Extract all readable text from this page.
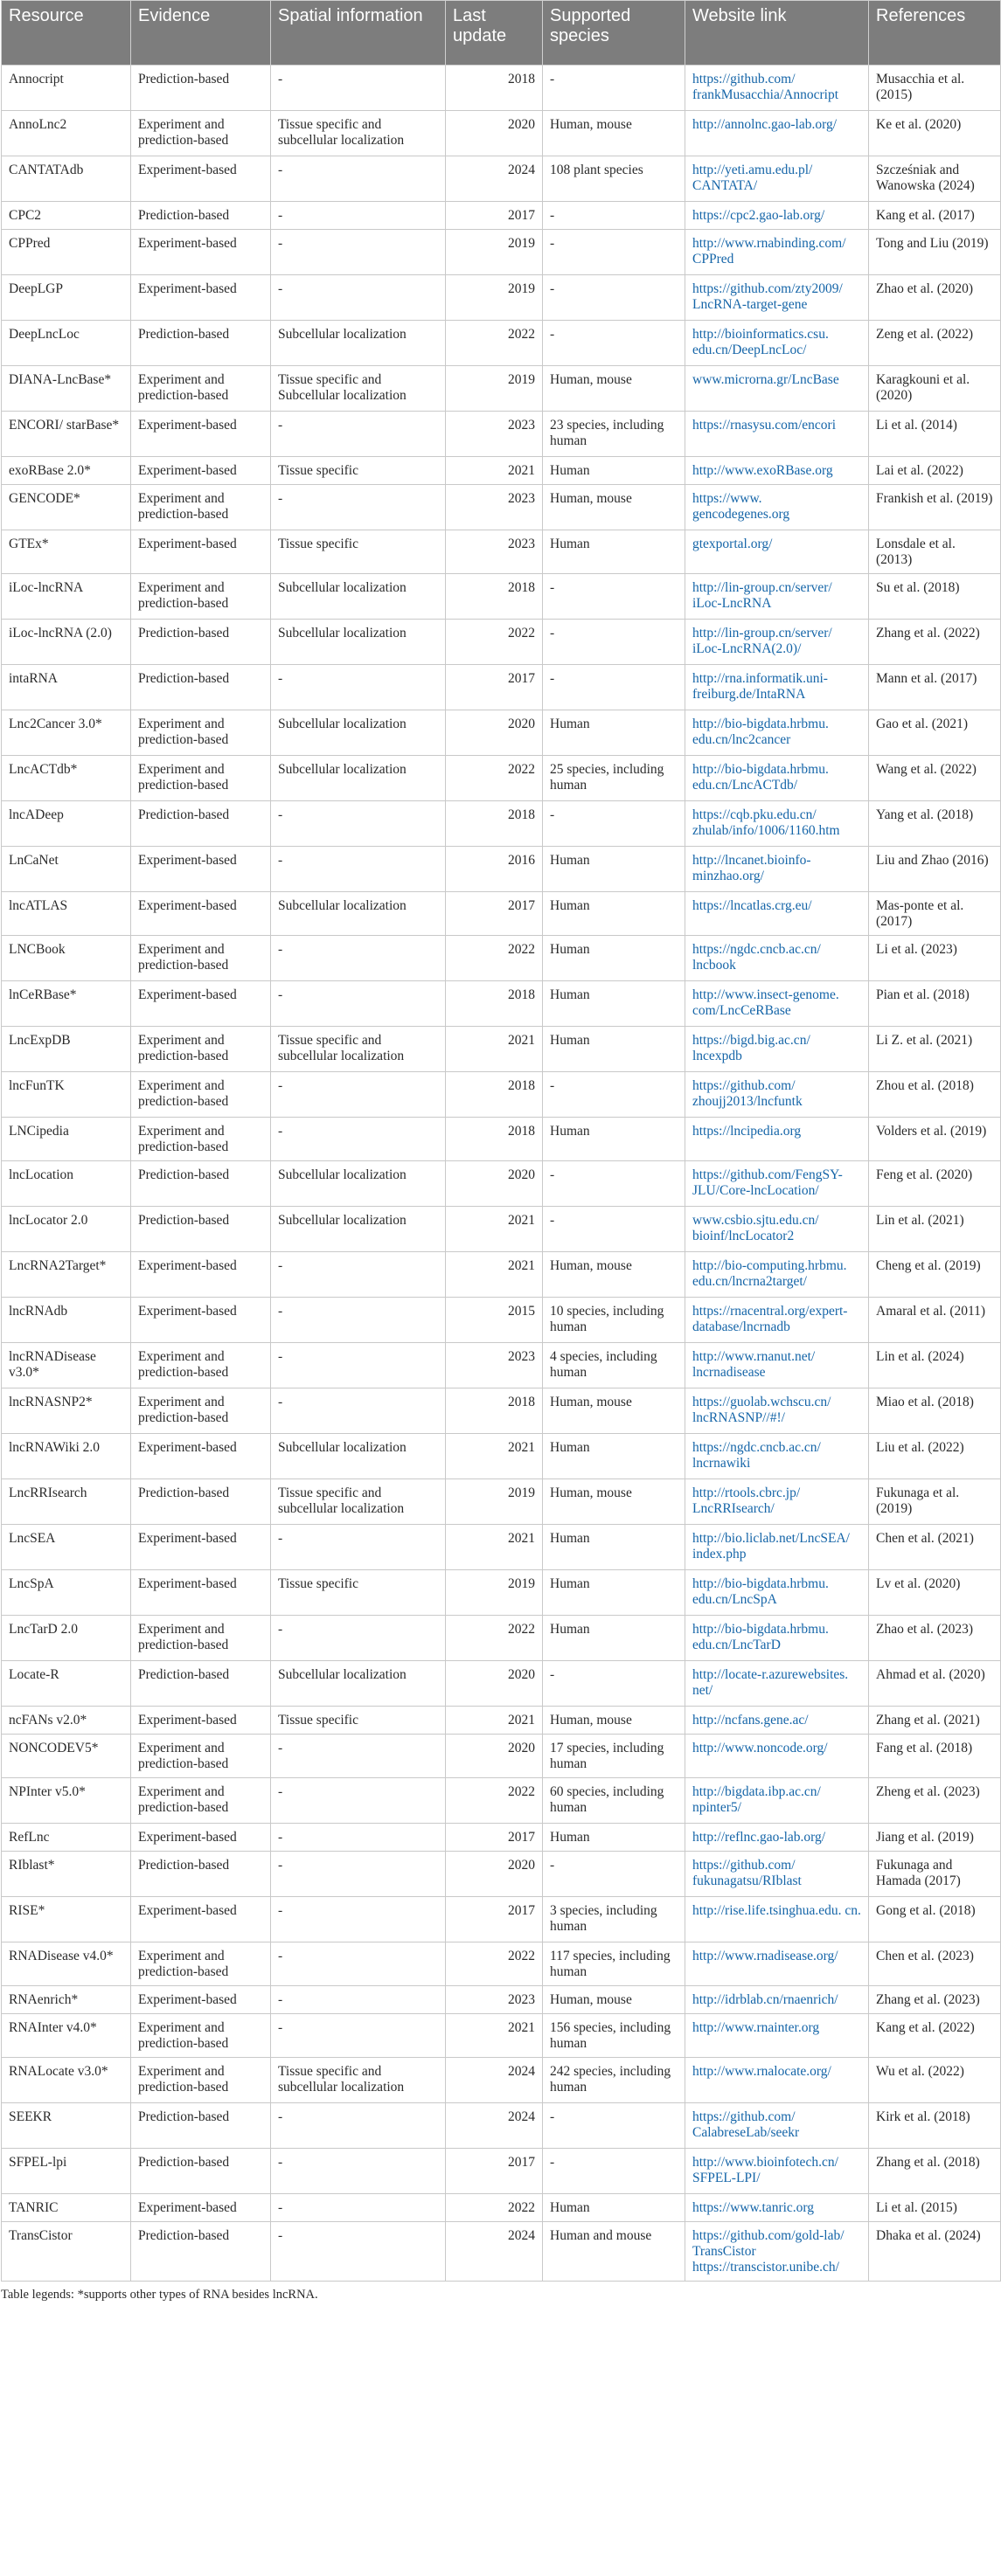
Resource	Evidence	Spatial information	Last update	Supported species	Website link	References
Annocript	Prediction-based	-	2018	-	https://github.com/ frankMusacchia/Annocript	Musacchia et al. (2015)
AnnoLnc2	Experiment and prediction-based	Tissue specific and subcellular localization	2020	Human, mouse	http://annolnc.gao-lab.org/	Ke et al. (2020)
CANTATAdb	Experiment-based	-	2024	108 plant species	http://yeti.amu.edu.pl/ CANTATA/	Szcześniak and Wanowska (2024)
CPC2	Prediction-based	-	2017	-	https://cpc2.gao-lab.org/	Kang et al. (2017)
CPPred	Experiment-based	-	2019	-	http://www.rnabinding.com/ CPPred	Tong and Liu (2019)
DeepLGP	Experiment-based	-	2019	-	https://github.com/zty2009/ LncRNA-target-gene	Zhao et al. (2020)
DeepLncLoc	Prediction-based	Subcellular localization	2022	-	http://bioinformatics.csu. edu.cn/DeepLncLoc/	Zeng et al. (2022)
DIANA-LncBase*	Experiment and prediction-based	Tissue specific and Subcellular localization	2019	Human, mouse	www.microrna.gr/LncBase	Karagkouni et al. (2020)
ENCORI/ starBase*	Experiment-based	-	2023	23 species, including human	https://rnasysu.com/encori	Li et al. (2014)
exoRBase 2.0*	Experiment-based	Tissue specific	2021	Human	http://www.exoRBase.org	Lai et al. (2022)
GENCODE*	Experiment and prediction-based	-	2023	Human, mouse	https://www. gencodegenes.org	Frankish et al. (2019)
GTEx*	Experiment-based	Tissue specific	2023	Human	gtexportal.org/	Lonsdale et al. (2013)
iLoc-lncRNA	Experiment and prediction-based	Subcellular localization	2018	-	http://lin-group.cn/server/ iLoc-LncRNA	Su et al. (2018)
iLoc-lncRNA (2.0)	Prediction-based	Subcellular localization	2022	-	http://lin-group.cn/server/ iLoc-LncRNA(2.0)/	Zhang et al. (2022)
intaRNA	Prediction-based	-	2017	-	http://rna.informatik.uni- freiburg.de/IntaRNA	Mann et al. (2017)
Lnc2Cancer 3.0*	Experiment and prediction-based	Subcellular localization	2020	Human	http://bio-bigdata.hrbmu. edu.cn/lnc2cancer	Gao et al. (2021)
LncACTdb*	Experiment and prediction-based	Subcellular localization	2022	25 species, including human	http://bio-bigdata.hrbmu. edu.cn/LncACTdb/	Wang et al. (2022)
lncADeep	Prediction-based	-	2018	-	https://cqb.pku.edu.cn/ zhulab/info/1006/1160.htm	Yang et al. (2018)
LnCaNet	Experiment-based	-	2016	Human	http://lncanet.bioinfo- minzhao.org/	Liu and Zhao (2016)
lncATLAS	Experiment-based	Subcellular localization	2017	Human	https://lncatlas.crg.eu/	Mas-ponte et al. (2017)
LNCBook	Experiment and prediction-based	-	2022	Human	https://ngdc.cncb.ac.cn/ lncbook	Li et al. (2023)
lnCeRBase*	Experiment-based	-	2018	Human	http://www.insect-genome. com/LncCeRBase	Pian et al. (2018)
LncExpDB	Experiment and prediction-based	Tissue specific and subcellular localization	2021	Human	https://bigd.big.ac.cn/ lncexpdb	Li Z. et al. (2021)
lncFunTK	Experiment and prediction-based	-	2018	-	https://github.com/ zhoujj2013/lncfuntk	Zhou et al. (2018)
LNCipedia	Experiment and prediction-based	-	2018	Human	https://lncipedia.org	Volders et al. (2019)
lncLocation	Prediction-based	Subcellular localization	2020	-	https://github.com/FengSY- JLU/Core-lncLocation/	Feng et al. (2020)
lncLocator 2.0	Prediction-based	Subcellular localization	2021	-	www.csbio.sjtu.edu.cn/ bioinf/lncLocator2	Lin et al. (2021)
LncRNA2Target*	Experiment-based	-	2021	Human, mouse	http://bio-computing.hrbmu. edu.cn/lncrna2target/	Cheng et al. (2019)
lncRNAdb	Experiment-based	-	2015	10 species, including human	https://rnacentral.org/expert- database/lncrnadb	Amaral et al. (2011)
lncRNADisease v3.0*	Experiment and prediction-based	-	2023	4 species, including human	http://www.rnanut.net/ lncrnadisease	Lin et al. (2024)
lncRNASNP2*	Experiment and prediction-based	-	2018	Human, mouse	https://guolab.wchscu.cn/ lncRNASNP//#!/	Miao et al. (2018)
lncRNAWiki 2.0	Experiment-based	Subcellular localization	2021	Human	https://ngdc.cncb.ac.cn/ lncrnawiki	Liu et al. (2022)
LncRRIsearch	Prediction-based	Tissue specific and subcellular localization	2019	Human, mouse	http://rtools.cbrc.jp/ LncRRIsearch/	Fukunaga et al. (2019)
LncSEA	Experiment-based	-	2021	Human	http://bio.liclab.net/LncSEA/ index.php	Chen et al. (2021)
LncSpA	Experiment-based	Tissue specific	2019	Human	http://bio-bigdata.hrbmu. edu.cn/LncSpA	Lv et al. (2020)
LncTarD 2.0	Experiment and prediction-based	-	2022	Human	http://bio-bigdata.hrbmu. edu.cn/LncTarD	Zhao et al. (2023)
Locate-R	Prediction-based	Subcellular localization	2020	-	http://locate-r.azurewebsites. net/	Ahmad et al. (2020)
ncFANs v2.0*	Experiment-based	Tissue specific	2021	Human, mouse	http://ncfans.gene.ac/	Zhang et al. (2021)
NONCODEV5*	Experiment and prediction-based	-	2020	17 species, including human	http://www.noncode.org/	Fang et al. (2018)
NPInter v5.0*	Experiment and prediction-based	-	2022	60 species, including human	http://bigdata.ibp.ac.cn/ npinter5/	Zheng et al. (2023)
RefLnc	Experiment-based	-	2017	Human	http://reflnc.gao-lab.org/	Jiang et al. (2019)
RIblast*	Prediction-based	-	2020	-	https://github.com/ fukunagatsu/RIblast	Fukunaga and Hamada (2017)
RISE*	Experiment-based	-	2017	3 species, including human	http://rise.life.tsinghua.edu. cn.	Gong et al. (2018)
RNADisease v4.0*	Experiment and prediction-based	-	2022	117 species, including human	http://www.rnadisease.org/	Chen et al. (2023)
RNAenrich*	Experiment-based	-	2023	Human, mouse	http://idrblab.cn/rnaenrich/	Zhang et al. (2023)
RNAInter v4.0*	Experiment and prediction-based	-	2021	156 species, including human	http://www.rnainter.org	Kang et al. (2022)
RNALocate v3.0*	Experiment and prediction-based	Tissue specific and subcellular localization	2024	242 species, including human	http://www.rnalocate.org/	Wu et al. (2022)
SEEKR	Prediction-based	-	2024	-	https://github.com/ CalabreseLab/seekr	Kirk et al. (2018)
SFPEL-lpi	Prediction-based	-	2017	-	http://www.bioinfotech.cn/ SFPEL-LPI/	Zhang et al. (2018)
TANRIC	Experiment-based	-	2022	Human	https://www.tanric.org	Li et al. (2015)
TransCistor	Prediction-based	-	2024	Human and mouse	https://github.com/gold-lab/ TransCistor https://transcistor.unibe.ch/	Dhaka et al. (2024)
Table legends: *supports other types of RNA besides lncRNA.
